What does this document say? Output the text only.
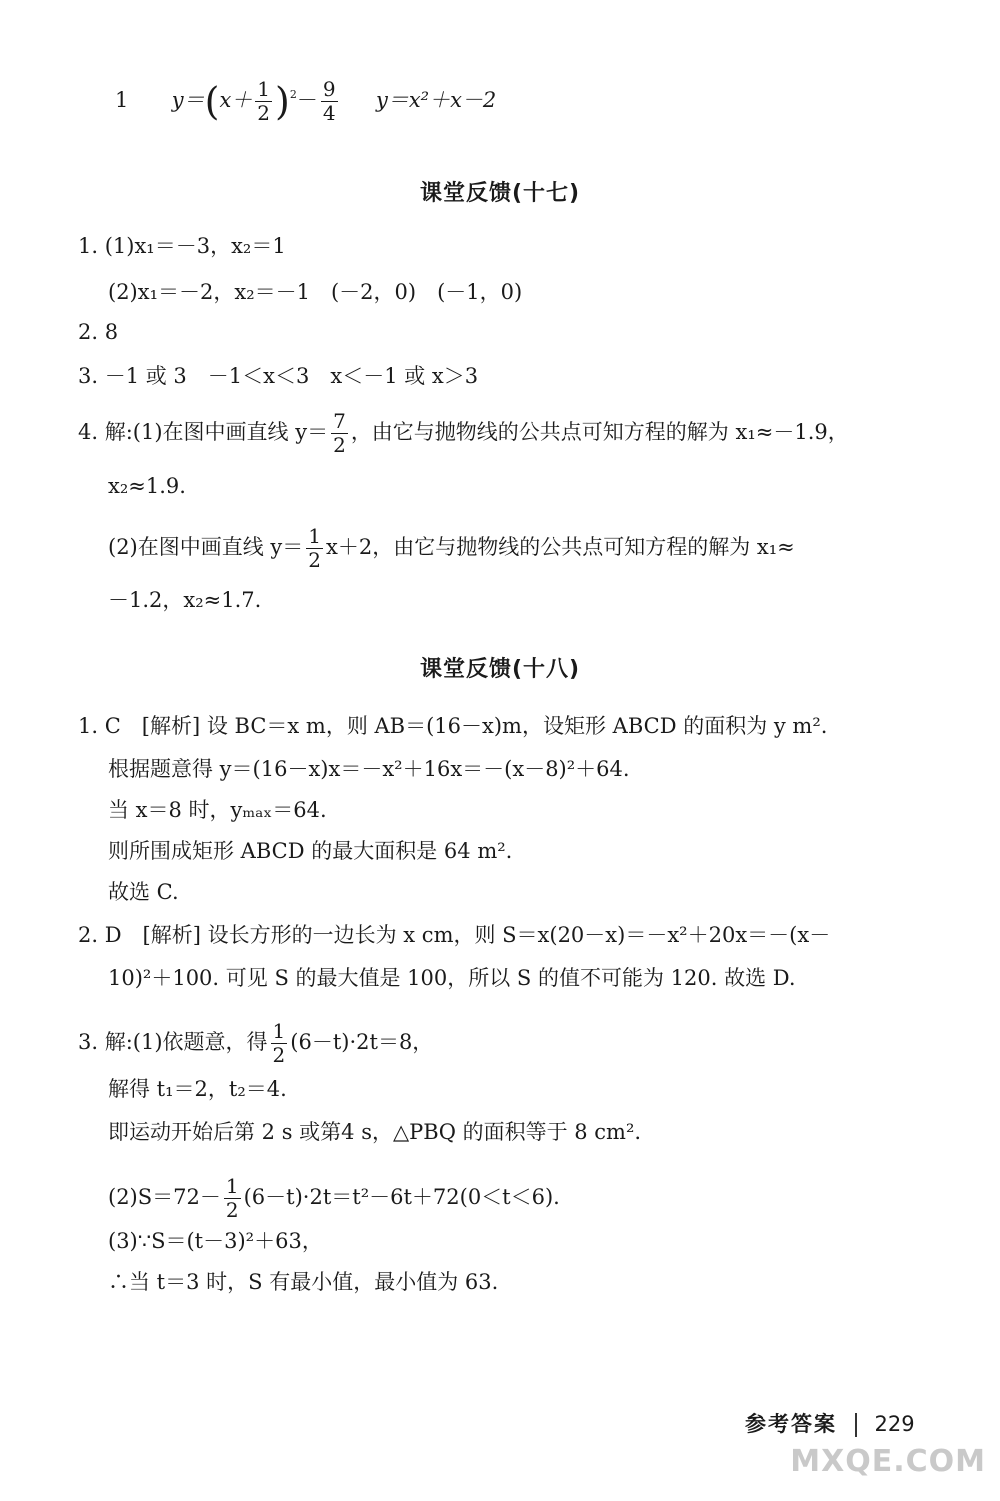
1 $y=(x+ \frac{1}{2} )^2- \frac{9}{4} y=x^2+x-2$
课堂反馈(十七)
1. (1)x₁＝－3，x₂＝1
(2)x₁＝－2，x₂＝－1　(－2，0)　(－1，0)
2. 8
3. －1 或 3　－1＜x＜3　x＜－1 或 x＞3
4. 解:(1)在图中画直线 $y= \frac{7}{2}$ ，由它与抛物线的公共点可知方程的解为 x₁≈－1.9，
x₂≈1.9.
(2)在图中画直线 $y= \frac{1}{2} x+2$，由它与抛物线的公共点可知方程的解为 x₁≈
－1.2，x₂≈1.7.
课堂反馈(十八)
1. C　[解析] 设 BC＝x m，则 AB＝(16－x)m，设矩形 ABCD 的面积为 y m².
根据题意得 y＝(16－x)x＝－x²＋16x＝－(x－8)²＋64.
当 x＝8 时，yₘₐₓ＝64.
则所围成矩形 ABCD 的最大面积是 64 m².
故选 C.
2. D　[解析] 设长方形的一边长为 x cm，则 S＝x(20－x)＝－x²＋20x＝－(x－
10)²＋100. 可见 S 的最大值是 100，所以 S 的值不可能为 120. 故选 D.
3. 解:(1)依题意，得 $\frac{1}{2} (6-t)\cdot 2t=8$，
解得 t₁＝2，t₂＝4.
即运动开始后第 2 s 或第4 s，△PBQ 的面积等于 8 cm².
$(2)S=72- \frac{1}{2} (6-t)\cdot 2t=t^2-6t+72(0<t<6)$.
(3)∵S＝(t－3)²＋63，
∴当 t＝3 时，S 有最小值，最小值为 63.
参考答案 229
MXQE.COM
